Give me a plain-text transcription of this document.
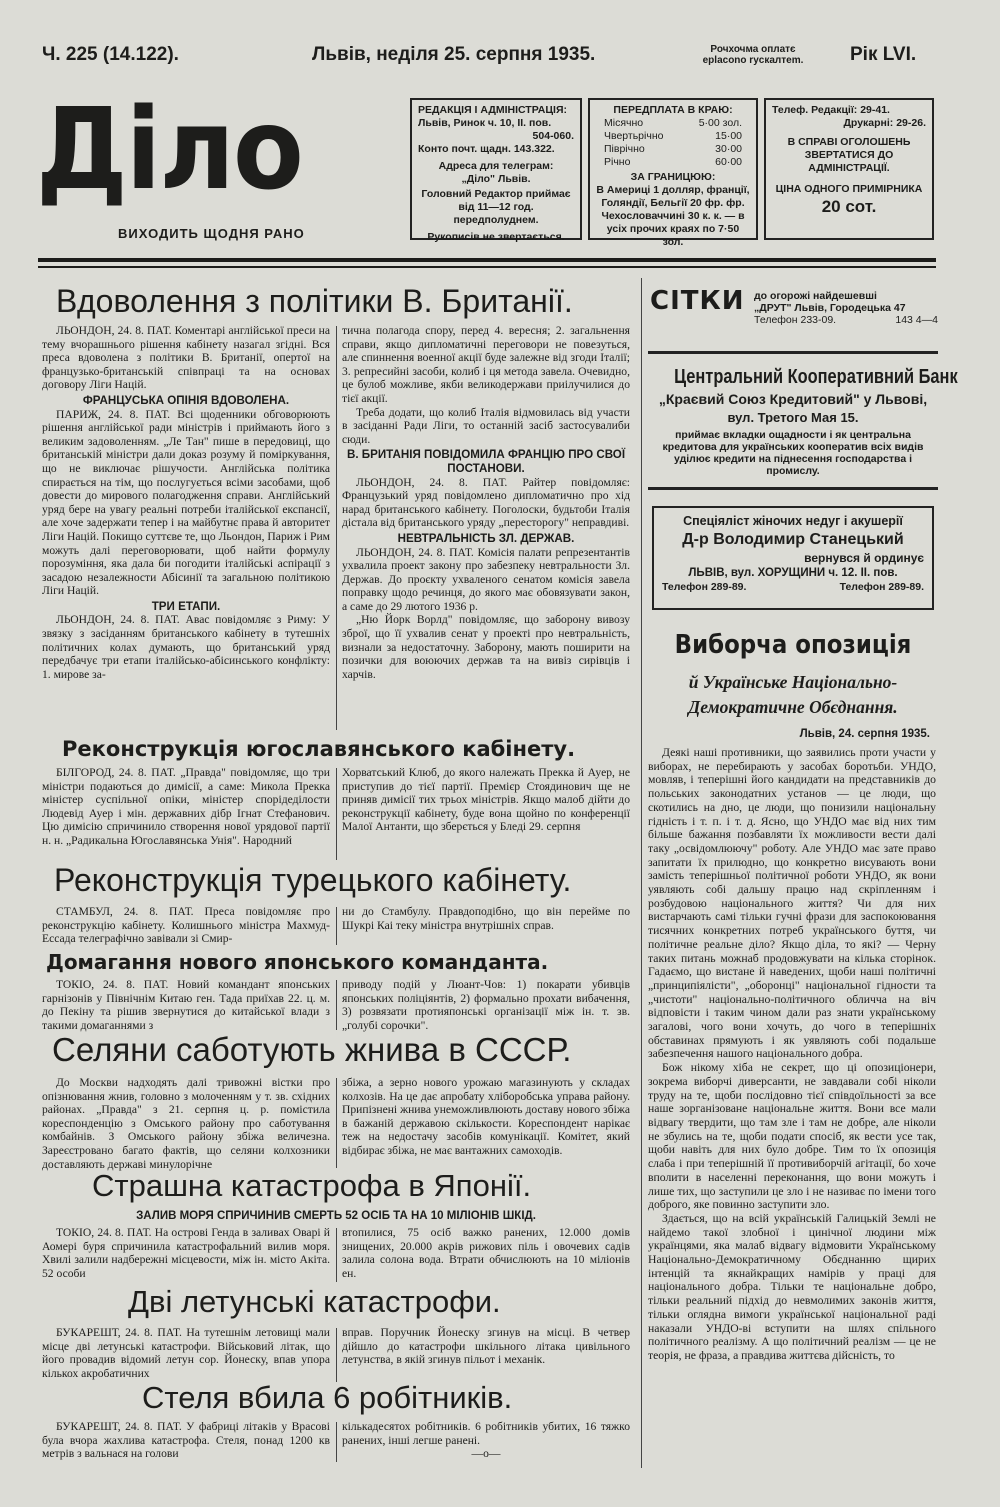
Ч. 225 (14.122).	Львів, неділя 25. серпня 1935.	Рочхочма оплатє
ерlacono rycкaлтem.	Рік LVI.
Діло
ВИХОДИТЬ ЩОДНЯ РАНО
РЕДАКЦІЯ І АДМІНІСТРАЦІЯ:
Львів, Ринок ч. 10, II. пов.
504-060.
Конто почт. щадн. 143.322.
Адреса для телеграм:
„Діло" Львів.
Головний Редактор приймає від 11—12 год. передполуднем.
Рукописів не звертається.
ПЕРЕДПЛАТА В КРАЮ:
Місячно	5·00 зол.
Чвертьрічно	15·00
Піврічно	30·00
Річно	60·00
ЗА ГРАНИЦЮЮ:
В Америці 1 долляр, франції, Голяндії, Бельгії 20 фр. фр. Чехословаччині 30 к. к. — в усіх прочих краях по 7·50 зол.
Телеф. Редакції: 29-41.
Друкарні: 29-26.
В СПРАВІ ОГОЛОШЕНЬ ЗВЕРТАТИСЯ ДО АДМІНІСТРАЦІЇ.
ЦІНА ОДНОГО ПРИМІРНИКА
20 сот.
Вдоволення з політики В. Британії.

ЛЬОНДОН, 24. 8. ПАТ. Коментарі англійської преси на тему вчорашнього рішення кабінету назагал згідні. Вся преса вдоволена з політики В. Британії, опертої на французько-британській співпраці та на основах договору Ліги Націй.

ФРАНЦУСЬКА ОПІНІЯ ВДОВОЛЕНА.

ПАРИЖ, 24. 8. ПАТ. Всі щоденники обговорюють рішення англійської ради міністрів і приймають його з великим задоволенням. „Ле Тан" пише в передовиці, що британській міністри дали доказ розуму й поміркування, що не виключає рішучости. Англійська політика спирається на тім, що послугується всіми засобами, щоб довести до мирового полагодження справи. Англійський уряд бере на увагу реальні потреби італійської експансії, але хоче задержати тепер і на майбутнє права й авторитет Ліги Націй. Покищо суттєве те, що Льондон, Париж і Рим можуть далі переговорювати, щоб найти формулу порозуміння, яка дала би погодити італійські аспірації з засадою незалежности Абісинії та загальною політикою Ліги Націй.

ТРИ ЕТАПИ.

ЛЬОНДОН, 24. 8. ПАТ. Авас повідомляє з Риму: У звязку з засіданням британського кабінету в тутешніх політичних колах думають, що британський уряд передбачує три етапи італійсько-абісинського конфлікту: 1. мирове за-

тична полагода спору, перед 4. вересня; 2. загальнення справи, якщо дипломатичні переговори не повезуться, але спиннення военної акції буде залежне від згоди Італії; 3. репресийні засоби, колиб і ця метода завела. Очевидно, це булоб можливе, якби великодержави приілучилися до тієї акції.

Треба додати, що колиб Італія відмовилась від участи в засіданні Ради Ліги, то останній засіб застосувалиби сюди.

В. БРИТАНІЯ ПОВІДОМИЛА ФРАНЦІЮ ПРО СВОЇ ПОСТАНОВИ.

ЛЬОНДОН, 24. 8. ПАТ. Райтер повідомляє: Французький уряд повідомлено дипломатично про хід нарад британського кабінету. Поголоски, будьтоби Італія дістала від британського уряду „пересторогу" неправдиві.

НЕВТРАЛЬНІСТЬ ЗЛ. ДЕРЖАВ.

ЛЬОНДОН, 24. 8. ПАТ. Комісія палати репрезентантів ухвалила проект закону про забезпеку невтральности Зл. Держав. До проєкту ухваленого сенатом комісія завела поправку щодо речинця, до якого має обовязувати закон, а саме до 29 лютого 1936 р.

„Ню Йорк Ворлд" повідомляє, що заборону вивозу зброї, що її ухвалив сенат у проекті про невтральність, визнали за недостаточну. Заборону, мають поширити на позички для воюючих держав та на вивіз сирівців і харчів.

Реконструкція югославянського кабінету.

БІЛГОРОД, 24. 8. ПАТ. „Правда" повідомляє, що три міністри подаються до димісії, а саме: Микола Прекка міністер суспільної опіки, міністер спорідеділости Людевід Ауер і мін. державних дібр Ігнат Стефанович. Цю димісію спричинило створення нової урядової партії н. н. „Радикальна Югославянська Унія". Народний

Хорватський Клюб, до якого належать Прекка й Ауер, не приступив до тієї партії. Премієр Стоядинович ще не приняв димісії тих трьох міністрів. Якщо малоб дійти до реконструкції кабінету, буде вона щойно по конференції Малої Антанти, що зберється у Бледі 29. серпня

Реконструкція турецького кабінету.

СТАМБУЛ, 24. 8. ПАТ. Преса повідомляє про реконструкцію кабінету. Колишнього міністра Махмуд-Ессада телеграфічно завівали зі Смир-

ни до Стамбулу. Правдоподібно, що він перейме по Шукрі Каі теку міністра внутрішніх справ.

Домагання нового японського команданта.

ТОКІО, 24. 8. ПАТ. Новий командант японських гарнізонів у Північнім Китаю ген. Тада приїхав 22. ц. м. до Пекіну та рішив звернутися до китайської влади з такими домаганнями з

приводу подій у Люант-Чов: 1) покарати убивців японських поліціянтів, 2) формально прохати вибачення, 3) розвязати протияпонські організації між ін. т. зв. „голубі сорочки".

Селяни саботують жнива в СССР.

До Москви надходять далі тривожні вістки про опізнювання жнив, головно з молоченням у т. зв. східних районах. „Правда" з 21. серпня ц. р. помістила кореспонденцію з Омського району про саботування комбайнів. З Омського району збіжа величезна. Зареєстровано багато фактів, що селяни колхозники доставляють державі минулорічне

збіжа, а зерно нового урожаю магазинують у складах колхозів. На це дає апробату хліборобська управа району. Припізнені жнива унеможливлюють доставу нового збіжа в бажаній державою скількости. Кореспондент нарікає теж на недостачу засобів комунікації. Комітет, який відбирає збіжа, не має вантажних самоходів.

Страшна катастрофа в Японії.
ЗАЛИВ МОРЯ СПРИЧИНИВ СМЕРТЬ 52 ОСІБ ТА НА 10 МІЛІОНІВ ШКІД.

ТОКІО, 24. 8. ПАТ. На острові Генда в заливах Оварі й Аомері буря спричинила катастрофальний вилив моря. Хвилі залили надбережні місцевости, між ін. місто Акіта. 52 особи

втопилися, 75 осіб важко ранених, 12.000 домів знищених, 20.000 акрів рижових піль і овочевих садів залила солона вода. Втрати обчислюють на 10 міліонів ен.

Дві летунські катастрофи.

БУКАРЕШТ, 24. 8. ПАТ. На тутешнім летовищі мали місце дві летунські катастрофи. Військовий літак, що його провадив відомий летун сор. Йонеску, впав упора кількох акробатичних

вправ. Поручник Йонеску згинув на місці. В четвер дійшло до катастрофи шкільного літака цивільного летунства, в якій згинув пільот і механік.

Стеля вбила 6 робітників.

БУКАРЕШТ, 24. 8. ПАТ. У фабриці літаків у Врасові була вчора жахлива катастрофа. Стеля, понад 1200 кв метрів з вальнася на голови

кількадесятох робітників. 6 робітників убитих, 16 тяжко ранених, інші легше ранені.

—о—

СІТКИ до огорожі найдешевші
„ДРУТ" Львів, Городецька 47
Телефон 233-09.	143 4—4
Центральний Кооперативний Банк
„Краєвий Союз Кредитовий" у Львові,
вул. Третого Мая 15.
приймає вкладки ощадности і як центральна кредитова для українських кооператив всіх видів уділює кредити на піднесення господарства і промислу.
Спеціяліст жіночих недуг і акушерії
Д-р Володимир Станецький
вернувся й ординує
ЛЬВІВ, вул. ХОРУЩИНИ ч. 12. ІІ. пов.
Телефон 289-89.	Телефон 289-89.
Виборча опозиція
й Українське Національно-
Демократичне Обєднання.
Львів, 24. серпня 1935.

Деякі наші противники, що заявились проти участи у виборах, не перебирають у засобах боротьби. УНДО, мовляв, і теперішні його кандидати на представників до польських законодатних установ — це люди, що скотились на дно, це люди, що понизили національну гідність і т. п. і т. д. Ясно, що УНДО має від них тим більше бажання позбавляти їх можливости вести далі таку „освідомлюючу" роботу. Але УНДО має зате право запитати їх прилюдно, що конкретно висувають вони замість теперішньої політичної роботи УНДО, як вони уявляють собі дальшу працю над скріпленням і розбудовою національного життя? Чи для них вистарчають самі тільки гучні фрази для заспокоювання тисячних конкретних потреб українського буття, чи політичне реальне діло? Якщо діла, то які? — Черну таких питань можнаб продовжувати на кілька сторінок. Гадаємо, що вистане й наведених, щоби наші політичні „принципіялісти", „оборонці" національної гідности та „чистоти" національно-політичного обличча на віч відповісти і таким чином дали раз знати українському загалові, чого вони хочуть, до чого в теперішніх обставинах прямують і як уявляють собі подальше забезпечення нашого національного добра.

Бож нікому хіба не секрет, що ці опозиціонери, зокрема виборчі диверсанти, не завдавали собі ніколи труду на те, щоби послідовно тієї співдоїльності за все наше зорганізоване національне життя. Вони все мали відвагу твердити, що там зле і там не добре, але ніколи не збулись на те, щоби подати спосіб, як вести усе так, щоби навіть для них було добре. Тим то їх опозиція слаба і при теперішній її противиборчій агітації, бо хоче вполити в населенні переконання, що вони можуть і лише тих, що заступили це зло і не називає по імени того доброго, яке повинно заступити зло.

Здається, що на всій українській Галицькій Землі не найдемо такої злобної і цинічної людини між українцями, яка малаб відвагу відмовити Українському Національно-Демократичному Обєднанню щирих інтенцій та якнайкращих намірів у праці для національного добра. Тільки те національне добро, тільки реальний підхід до невмолимих законів життя, тільки оглядна вимоги української національної раді наказали УНДО-ві вступити на шлях спільного політичного реалізму. А що політичний реалізм — це не теорія, не фраза, а правдива життєва дійсність, то
